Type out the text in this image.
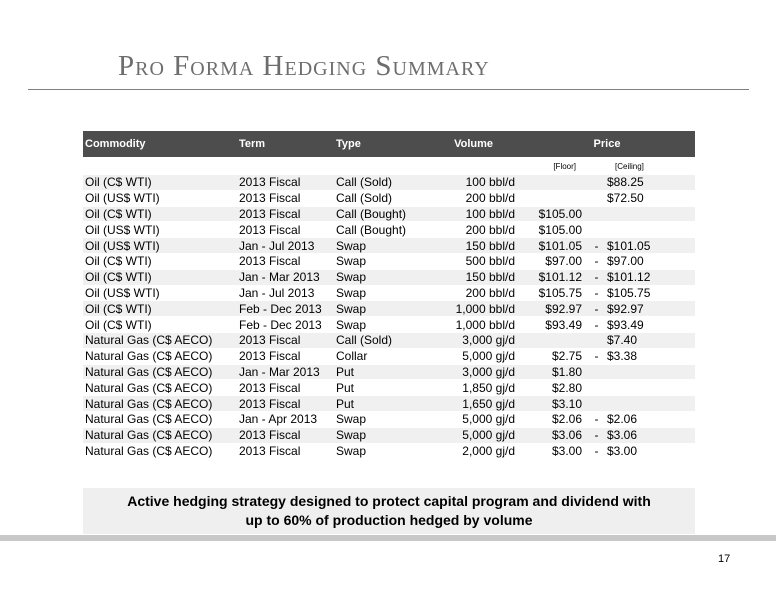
Pro Forma Hedging Summary
Commodity	Term	Type	Volume	Price		
				[Floor]		[Ceiling]
Oil (C$ WTI)	2013 Fiscal	Call (Sold)	100 bbl/d			$88.25
Oil (US$ WTI)	2013 Fiscal	Call (Sold)	200 bbl/d			$72.50
Oil (C$ WTI)	2013 Fiscal	Call (Bought)	100 bbl/d	$105.00		
Oil (US$ WTI)	2013 Fiscal	Call (Bought)	200 bbl/d	$105.00		
Oil (US$ WTI)	Jan - Jul 2013	Swap	150 bbl/d	$101.05	-	$101.05
Oil (C$ WTI)	2013 Fiscal	Swap	500 bbl/d	$97.00	-	$97.00
Oil (C$ WTI)	Jan - Mar 2013	Swap	150 bbl/d	$101.12	-	$101.12
Oil (US$ WTI)	Jan - Jul 2013	Swap	200 bbl/d	$105.75	-	$105.75
Oil (C$ WTI)	Feb - Dec 2013	Swap	1,000 bbl/d	$92.97	-	$92.97
Oil (C$ WTI)	Feb - Dec 2013	Swap	1,000 bbl/d	$93.49	-	$93.49
Natural Gas (C$ AECO)	2013 Fiscal	Call (Sold)	3,000 gj/d			$7.40
Natural Gas (C$ AECO)	2013 Fiscal	Collar	5,000 gj/d	$2.75	-	$3.38
Natural Gas (C$ AECO)	Jan - Mar 2013	Put	3,000 gj/d	$1.80		
Natural Gas (C$ AECO)	2013 Fiscal	Put	1,850 gj/d	$2.80		
Natural Gas (C$ AECO)	2013 Fiscal	Put	1,650 gj/d	$3.10		
Natural Gas (C$ AECO)	Jan - Apr 2013	Swap	5,000 gj/d	$2.06	-	$2.06
Natural Gas (C$ AECO)	2013 Fiscal	Swap	5,000 gj/d	$3.06	-	$3.06
Natural Gas (C$ AECO)	2013 Fiscal	Swap	2,000 gj/d	$3.00	-	$3.00
Active hedging strategy designed to protect capital program and dividend with
up to 60% of production hedged by volume
17
